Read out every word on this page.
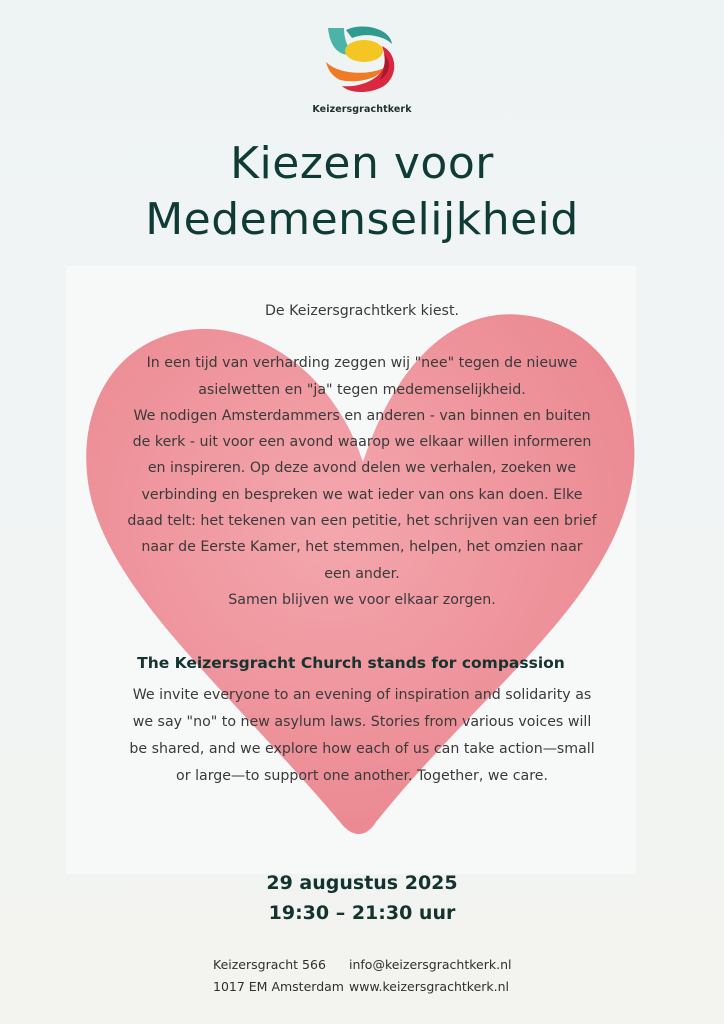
Keizersgrachtkerk
Kiezen voor
Medemenselijkheid

De Keizersgrachtkerk kiest.

In een tijd van verharding zeggen wij "nee" tegen de nieuwe

asielwetten en "ja" tegen medemenselijkheid.

We nodigen Amsterdammers en anderen - van binnen en buiten

de kerk - uit voor een avond waarop we elkaar willen informeren

en inspireren. Op deze avond delen we verhalen, zoeken we

verbinding en bespreken we wat ieder van ons kan doen. Elke

daad telt: het tekenen van een petitie, het schrijven van een brief

naar de Eerste Kamer, het stemmen, helpen, het omzien naar

een ander.

Samen blijven we voor elkaar zorgen.

The Keizersgracht Church stands for compassion
We invite everyone to an evening of inspiration and solidarity as
we say "no" to new asylum laws. Stories from various voices will
be shared, and we explore how each of us can take action—small
or large—to support one another. Together, we care.
29 augustus 2025
19:30 – 21:30 uur
Keizersgracht 566 info@keizersgrachtkerk.nl
1017 EM Amsterdam www.keizersgrachtkerk.nl
